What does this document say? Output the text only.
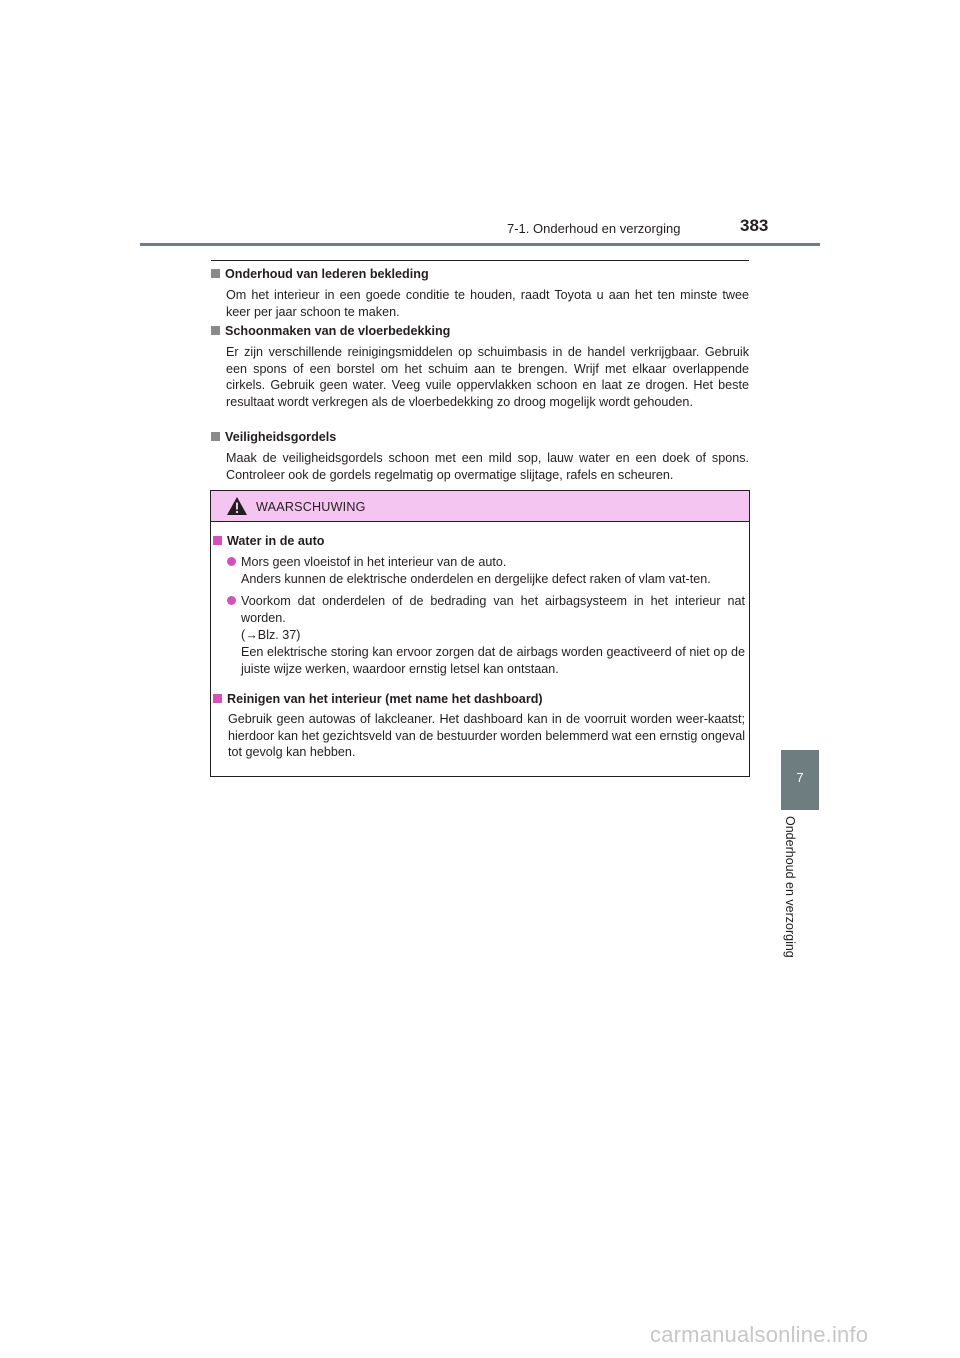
7-1. Onderhoud en verzorging	383
7
Onderhoud en verzorging
Onderhoud van lederen bekleding
Om het interieur in een goede conditie te houden, raadt Toyota u aan het ten minste twee keer per jaar schoon te maken.
Schoonmaken van de vloerbedekking
Er zijn verschillende reinigingsmiddelen op schuimbasis in de handel verkrijgbaar. Gebruik een spons of een borstel om het schuim aan te brengen. Wrijf met elkaar overlappende cirkels. Gebruik geen water. Veeg vuile oppervlakken schoon en laat ze drogen. Het beste resultaat wordt verkregen als de vloerbedekking zo droog mogelijk wordt gehouden.
Veiligheidsgordels
Maak de veiligheidsgordels schoon met een mild sop, lauw water en een doek of spons. Controleer ook de gordels regelmatig op overmatige slijtage, rafels en scheuren.
WAARSCHUWING
Water in de auto
Mors geen vloeistof in het interieur van de auto.
Anders kunnen de elektrische onderdelen en dergelijke defect raken of vlam vat-ten.
Voorkom dat onderdelen of de bedrading van het airbagsysteem in het interieur nat worden.
(→Blz. 37)
Een elektrische storing kan ervoor zorgen dat de airbags worden geactiveerd of niet op de juiste wijze werken, waardoor ernstig letsel kan ontstaan.
Reinigen van het interieur (met name het dashboard)
Gebruik geen autowas of lakcleaner. Het dashboard kan in de voorruit worden weer-kaatst; hierdoor kan het gezichtsveld van de bestuurder worden belemmerd wat een ernstig ongeval tot gevolg kan hebben.
carmanualsonline.info
